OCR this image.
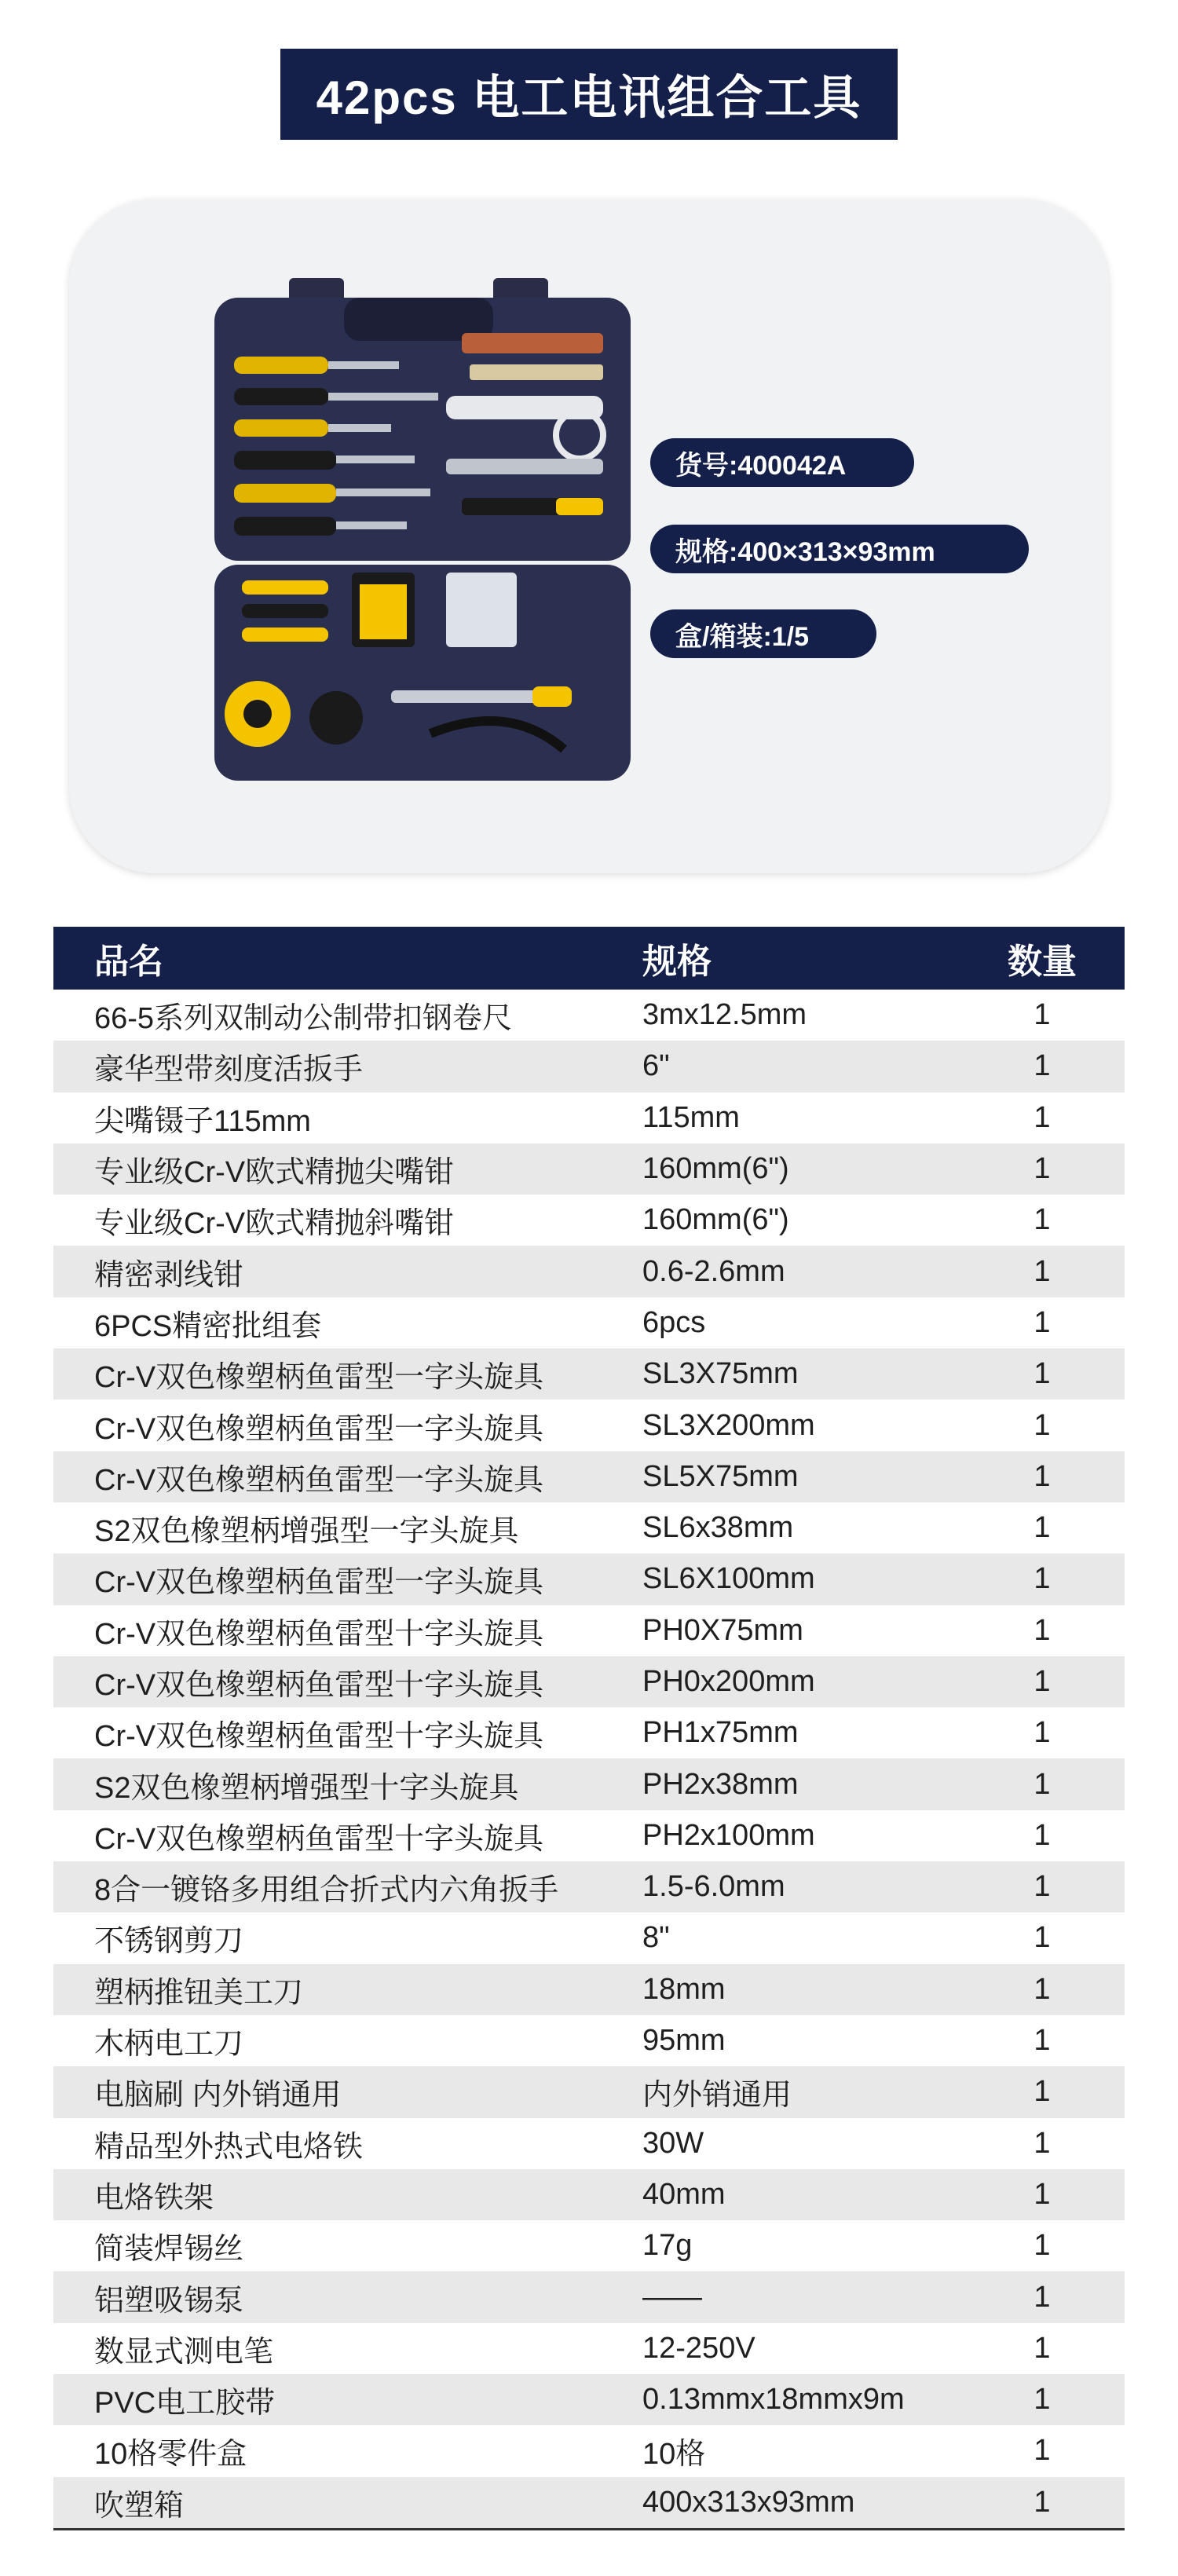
42pcs 电工电讯组合工具
货号:400042A
规格:400×313×93mm
盒/箱装:1/5
品名	规格	数量
66-5系列双制动公制带扣钢卷尺	3mx12.5mm	1
豪华型带刻度活扳手	6"	1
尖嘴镊子115mm	115mm	1
专业级Cr-V欧式精抛尖嘴钳	160mm(6")	1
专业级Cr-V欧式精抛斜嘴钳	160mm(6")	1
精密剥线钳	0.6-2.6mm	1
6PCS精密批组套	6pcs	1
Cr-V双色橡塑柄鱼雷型一字头旋具	SL3X75mm	1
Cr-V双色橡塑柄鱼雷型一字头旋具	SL3X200mm	1
Cr-V双色橡塑柄鱼雷型一字头旋具	SL5X75mm	1
S2双色橡塑柄增强型一字头旋具	SL6x38mm	1
Cr-V双色橡塑柄鱼雷型一字头旋具	SL6X100mm	1
Cr-V双色橡塑柄鱼雷型十字头旋具	PH0X75mm	1
Cr-V双色橡塑柄鱼雷型十字头旋具	PH0x200mm	1
Cr-V双色橡塑柄鱼雷型十字头旋具	PH1x75mm	1
S2双色橡塑柄增强型十字头旋具	PH2x38mm	1
Cr-V双色橡塑柄鱼雷型十字头旋具	PH2x100mm	1
8合一镀铬多用组合折式内六角扳手	1.5-6.0mm	1
不锈钢剪刀	8"	1
塑柄推钮美工刀	18mm	1
木柄电工刀	95mm	1
电脑刷 内外销通用	内外销通用	1
精品型外热式电烙铁	30W	1
电烙铁架	40mm	1
简装焊锡丝	17g	1
铝塑吸锡泵	——	1
数显式测电笔	12-250V	1
PVC电工胶带	0.13mmx18mmx9m	1
10格零件盒	10格	1
吹塑箱	400x313x93mm	1
